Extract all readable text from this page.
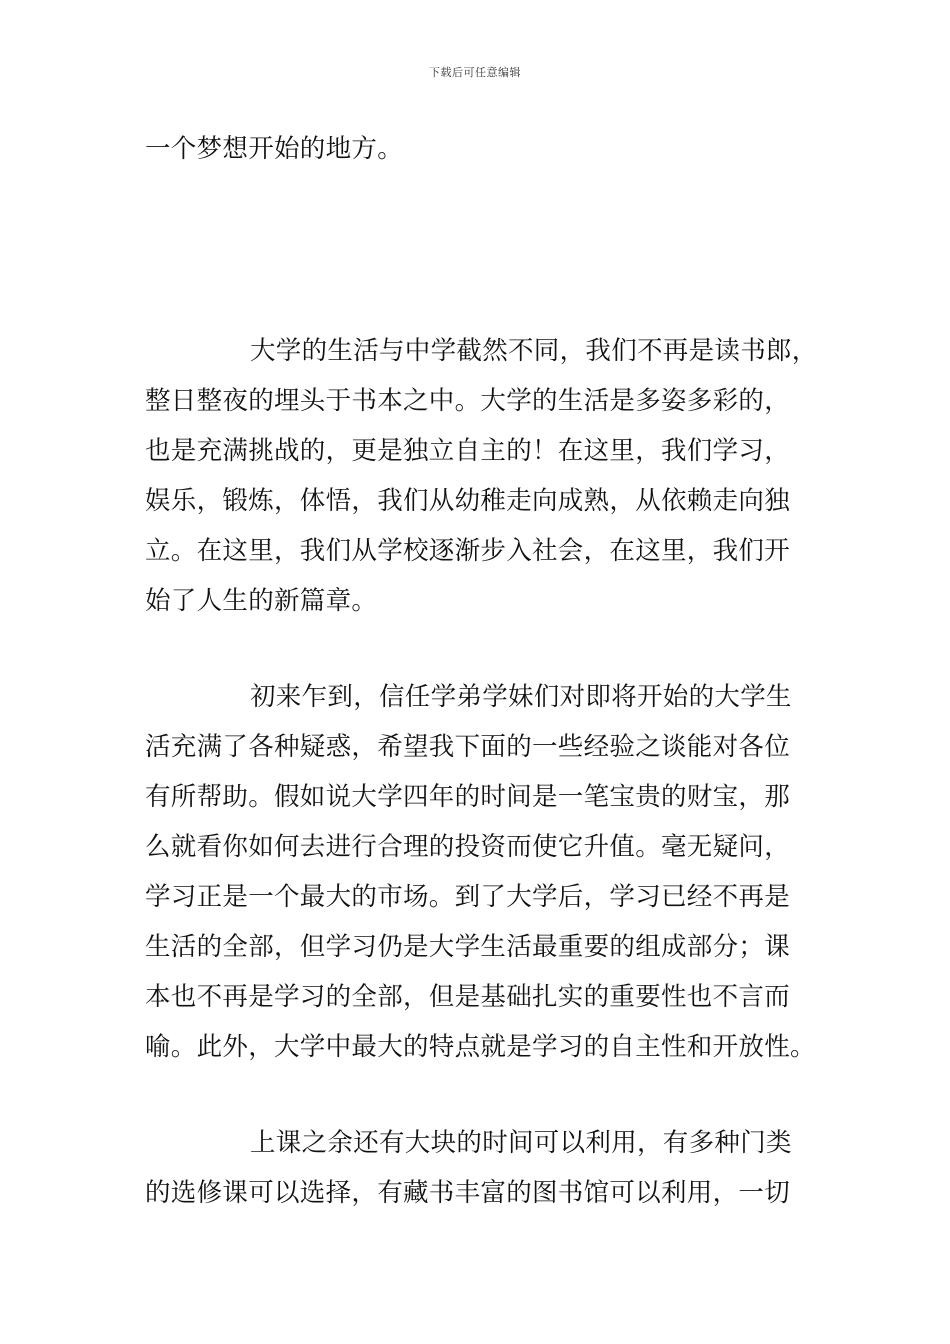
下载后可任意编辑
一个梦想开始的地方。
大学的生活与中学截然不同，我们不再是读书郎，
整日整夜的埋头于书本之中。大学的生活是多姿多彩的，
也是充满挑战的，更是独立自主的！在这里，我们学习，
娱乐，锻炼，体悟，我们从幼稚走向成熟，从依赖走向独
立。在这里，我们从学校逐渐步入社会，在这里，我们开
始了人生的新篇章。
初来乍到，信任学弟学妹们对即将开始的大学生
活充满了各种疑惑，希望我下面的一些经验之谈能对各位
有所帮助。假如说大学四年的时间是一笔宝贵的财宝，那
么就看你如何去进行合理的投资而使它升值。毫无疑问，
学习正是一个最大的市场。到了大学后，学习已经不再是
生活的全部，但学习仍是大学生活最重要的组成部分；课
本也不再是学习的全部，但是基础扎实的重要性也不言而
喻。此外，大学中最大的特点就是学习的自主性和开放性。
上课之余还有大块的时间可以利用，有多种门类
的选修课可以选择，有藏书丰富的图书馆可以利用，一切
